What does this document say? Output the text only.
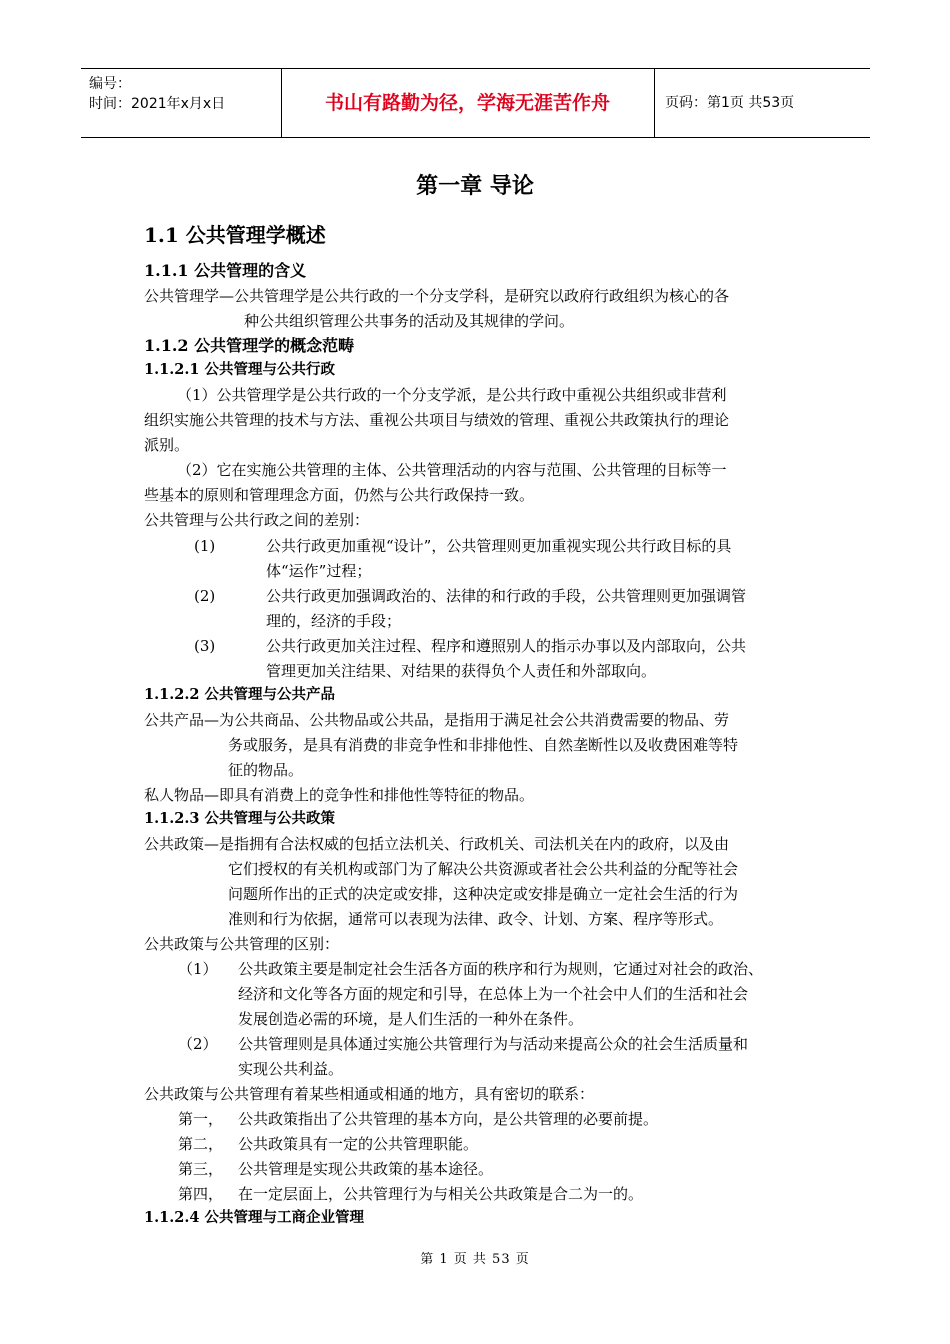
编号：
时间：2021年x月x日	书山有路勤为径，学海无涯苦作舟	页码：第1页 共53页
第一章 导论
1.1 公共管理学概述
1.1.1 公共管理的含义
公共管理学—公共管理学是公共行政的一个分支学科，是研究以政府行政组织为核心的各
种公共组织管理公共事务的活动及其规律的学问。
1.1.2 公共管理学的概念范畴
1.1.2.1 公共管理与公共行政
（1）公共管理学是公共行政的一个分支学派，是公共行政中重视公共组织或非营利
组织实施公共管理的技术与方法、重视公共项目与绩效的管理、重视公共政策执行的理论
派别。
（2）它在实施公共管理的主体、公共管理活动的内容与范围、公共管理的目标等一
些基本的原则和管理理念方面，仍然与公共行政保持一致。
公共管理与公共行政之间的差别：
(1)	公共行政更加重视“设计”，公共管理则更加重视实现公共行政目标的具
体“运作”过程；
(2)	公共行政更加强调政治的、法律的和行政的手段，公共管理则更加强调管
理的，经济的手段；
(3)	公共行政更加关注过程、程序和遵照别人的指示办事以及内部取向，公共
管理更加关注结果、对结果的获得负个人责任和外部取向。
1.1.2.2 公共管理与公共产品
公共产品—为公共商品、公共物品或公共品，是指用于满足社会公共消费需要的物品、劳
务或服务，是具有消费的非竞争性和非排他性、自然垄断性以及收费困难等特
征的物品。
私人物品—即具有消费上的竞争性和排他性等特征的物品。
1.1.2.3 公共管理与公共政策
公共政策—是指拥有合法权威的包括立法机关、行政机关、司法机关在内的政府，以及由
它们授权的有关机构或部门为了解决公共资源或者社会公共利益的分配等社会
问题所作出的正式的决定或安排，这种决定或安排是确立一定社会生活的行为
准则和行为依据，通常可以表现为法律、政令、计划、方案、程序等形式。
公共政策与公共管理的区别：
（1） 公共政策主要是制定社会生活各方面的秩序和行为规则，它通过对社会的政治、
经济和文化等各方面的规定和引导，在总体上为一个社会中人们的生活和社会
发展创造必需的环境，是人们生活的一种外在条件。
（2） 公共管理则是具体通过实施公共管理行为与活动来提高公众的社会生活质量和
实现公共利益。
公共政策与公共管理有着某些相通或相通的地方，具有密切的联系：
第一， 公共政策指出了公共管理的基本方向，是公共管理的必要前提。
第二， 公共政策具有一定的公共管理职能。
第三， 公共管理是实现公共政策的基本途径。
第四， 在一定层面上，公共管理行为与相关公共政策是合二为一的。
1.1.2.4 公共管理与工商企业管理
第 1 页 共 53 页
